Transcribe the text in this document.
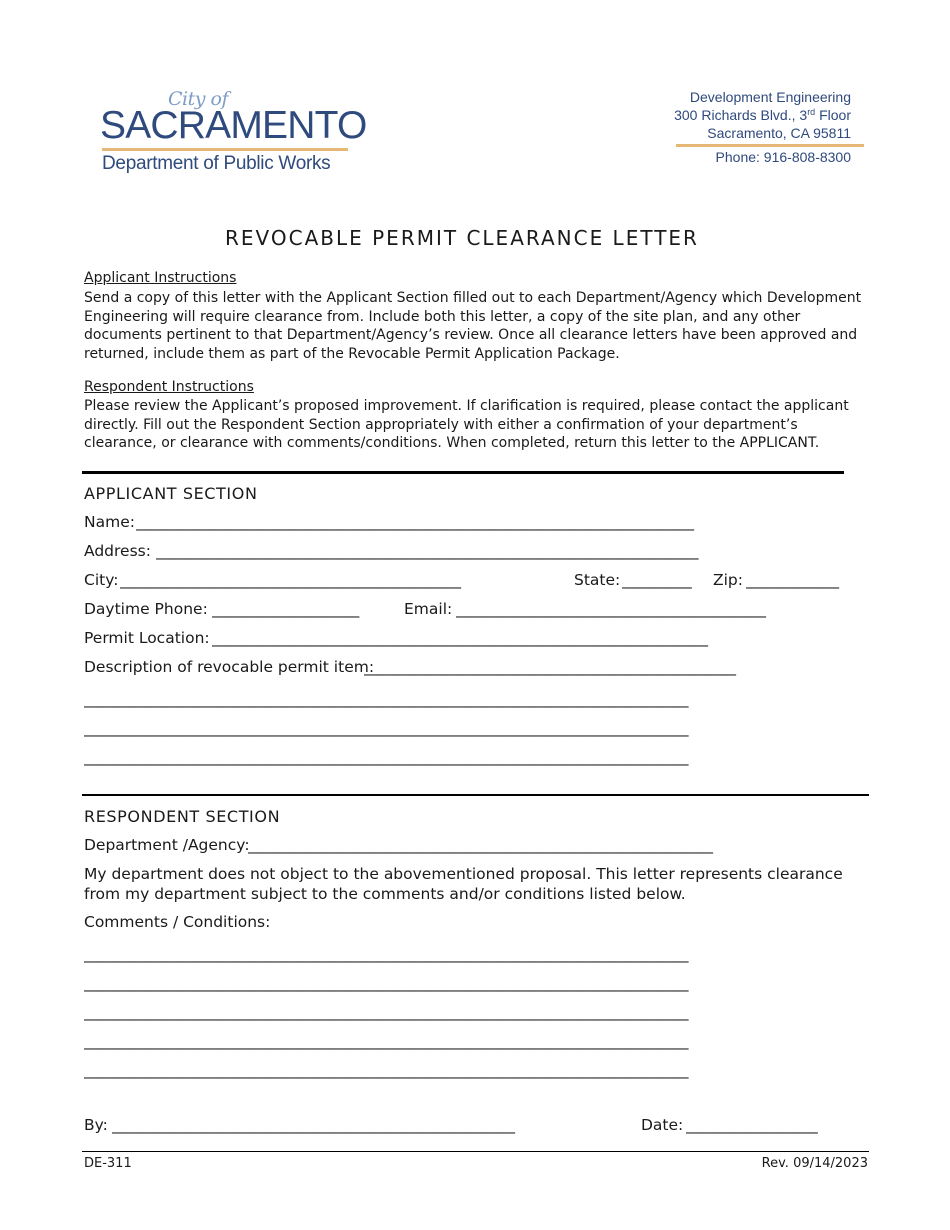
City of
SACRAMENTO
Department of Public Works
Development Engineering
300 Richards Blvd., 3rd Floor
Sacramento, CA 95811
Phone: 916-808-8300
REVOCABLE PERMIT CLEARANCE LETTER
Applicant Instructions
Send a copy of this letter with the Applicant Section filled out to each Department/Agency which Development Engineering will require clearance from. Include both this letter, a copy of the site plan, and any other documents pertinent to that Department/Agency’s review. Once all clearance letters have been approved and returned, include them as part of the Revocable Permit Application Package.
Respondent Instructions
Please review the Applicant’s proposed improvement. If clarification is required, please contact the applicant directly. Fill out the Respondent Section appropriately with either a confirmation of your department’s clearance, or clearance with comments/conditions. When completed, return this letter to the APPLICANT.
APPLICANT SECTION
Name: ________________________________________________________________________
Address: ______________________________________________________________________
City: ____________________________________________	State: _________	Zip: ____________
Daytime Phone: ___________________	Email: ________________________________________
Permit Location: ________________________________________________________________
Description of revocable permit item:
________________________________________________
______________________________________________________________________________
______________________________________________________________________________
______________________________________________________________________________
RESPONDENT SECTION
Department /Agency:
____________________________________________________________
My department does not object to the abovementioned proposal. This letter represents clearance from my department subject to the comments and/or conditions listed below.
Comments / Conditions:
______________________________________________________________________________
______________________________________________________________________________
______________________________________________________________________________
______________________________________________________________________________
______________________________________________________________________________
By: ____________________________________________________	Date: _________________
DE-311	Rev. 09/14/2023
